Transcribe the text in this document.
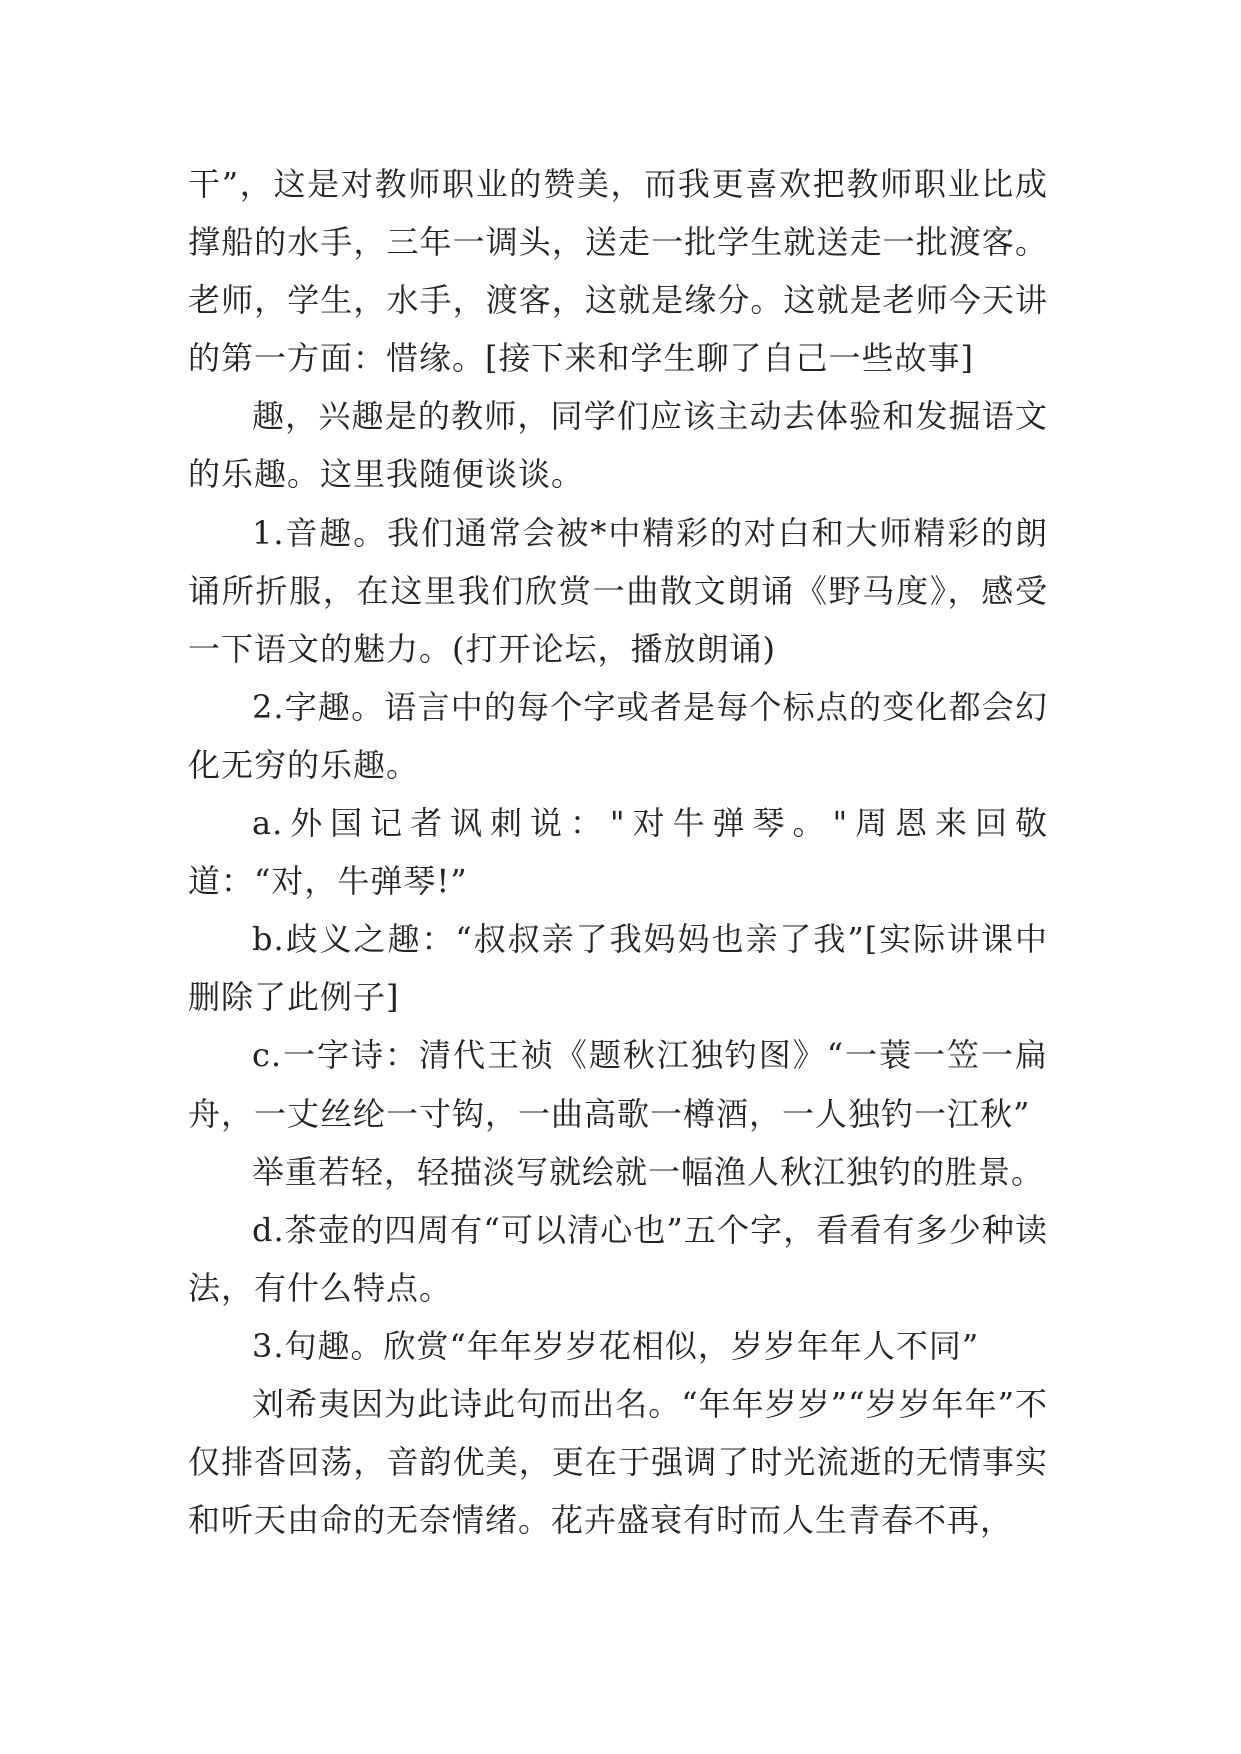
干”，这是对教师职业的赞美，而我更喜欢把教师职业比成撑船的水手，三年一调头，送走一批学生就送走一批渡客。老师，学生，水手，渡客，这就是缘分。这就是老师今天讲的第一方面：惜缘。[接下来和学生聊了自己一些故事]

趣，兴趣是的教师，同学们应该主动去体验和发掘语文的乐趣。这里我随便谈谈。

1.音趣。我们通常会被*中精彩的对白和大师精彩的朗诵所折服，在这里我们欣赏一曲散文朗诵《野马度》，感受一下语文的魅力。(打开论坛，播放朗诵)

2.字趣。语言中的每个字或者是每个标点的变化都会幻化无穷的乐趣。

a.外国记者讽刺说："对牛弹琴。"周恩来回敬道：“对，牛弹琴!”

b.歧义之趣：“叔叔亲了我妈妈也亲了我”[实际讲课中删除了此例子]

c.一字诗：清代王祯《题秋江独钓图》“一蓑一笠一扁舟，一丈丝纶一寸钩，一曲高歌一樽酒，一人独钓一江秋”

举重若轻，轻描淡写就绘就一幅渔人秋江独钓的胜景。

d.茶壶的四周有“可以清心也”五个字，看看有多少种读法，有什么特点。

3.句趣。欣赏“年年岁岁花相似，岁岁年年人不同”

刘希夷因为此诗此句而出名。“年年岁岁”“岁岁年年”不仅排沓回荡，音韵优美，更在于强调了时光流逝的无情事实和听天由命的无奈情绪。花卉盛衰有时而人生青春不再，
